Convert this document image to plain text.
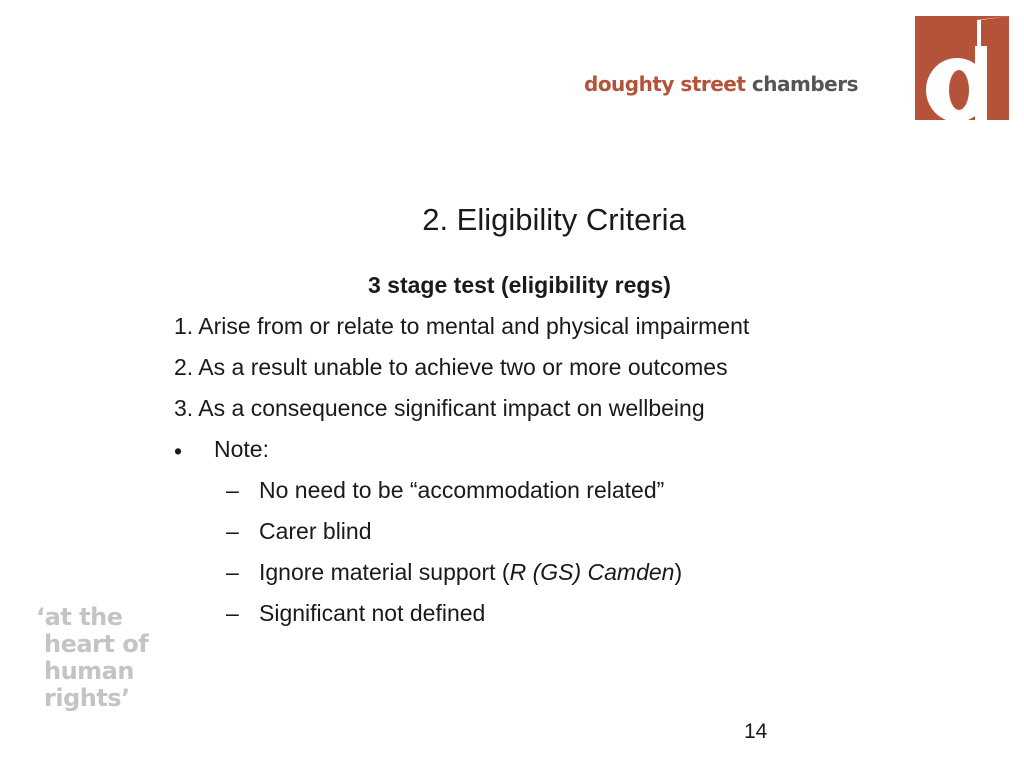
doughty street chambers
2. Eligibility Criteria
3 stage test (eligibility regs)
1. Arise from or relate to mental and physical impairment
2. As a result unable to achieve two or more outcomes
3. As a consequence significant impact on wellbeing
• Note:
– No need to be “accommodation related”
– Carer blind
– Ignore material support (R (GS) Camden)
– Significant not defined
‘at the
heart of
human
rights’
14
